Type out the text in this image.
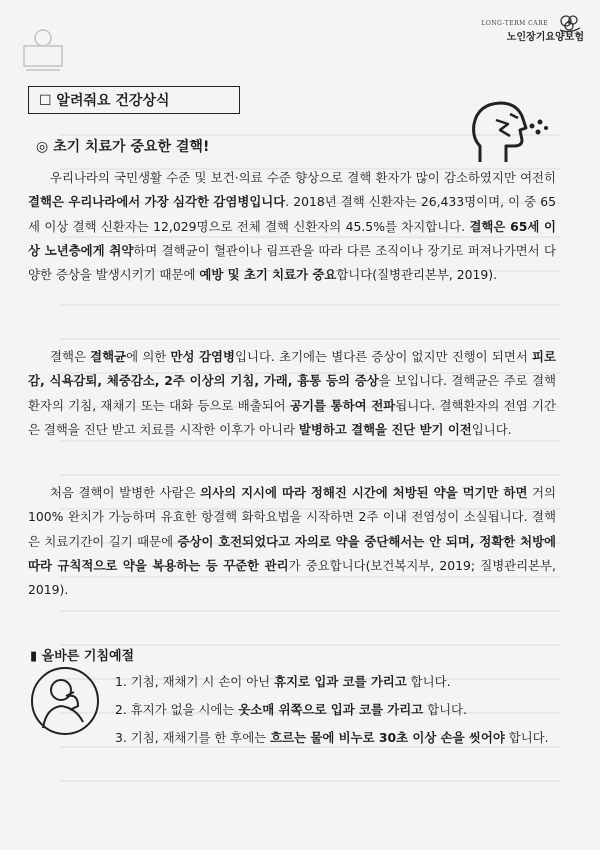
LONG-TERM CARE
노인장기요양보험
☐ 알려줘요 건강상식
◎ 초기 치료가 중요한 결핵!
우리나라의 국민생활 수준 및 보건·의료 수준 향상으로 결핵 환자가 많이 감소하였지만 여전히 결핵은 우리나라에서 가장 심각한 감염병입니다. 2018년 결핵 신환자는 26,433명이며, 이 중 65세 이상 결핵 신환자는 12,029명으로 전체 결핵 신환자의 45.5%를 차지합니다. 결핵은 65세 이상 노년층에게 취약하며 결핵균이 혈관이나 림프관을 따라 다른 조직이나 장기로 퍼져나가면서 다양한 증상을 발생시키기 때문에 예방 및 초기 치료가 중요합니다(질병관리본부, 2019).
결핵은 결핵균에 의한 만성 감염병입니다. 초기에는 별다른 증상이 없지만 진행이 되면서 피로감, 식욕감퇴, 체중감소, 2주 이상의 기침, 가래, 흉통 등의 증상을 보입니다. 결핵균은 주로 결핵환자의 기침, 재채기 또는 대화 등으로 배출되어 공기를 통하여 전파됩니다. 결핵환자의 전염 기간은 결핵을 진단 받고 치료를 시작한 이후가 아니라 발병하고 결핵을 진단 받기 이전입니다.
처음 결핵이 발병한 사람은 의사의 지시에 따라 정해진 시간에 처방된 약을 먹기만 하면 거의 100% 완치가 가능하며 유효한 항결핵 화학요법을 시작하면 2주 이내 전염성이 소실됩니다. 결핵은 치료기간이 길기 때문에 증상이 호전되었다고 자의로 약을 중단해서는 안 되며, 정확한 처방에 따라 규칙적으로 약을 복용하는 등 꾸준한 관리가 중요합니다(보건복지부, 2019; 질병관리본부, 2019).
▮ 올바른 기침예절
1. 기침, 재채기 시 손이 아닌 휴지로 입과 코를 가리고 합니다.
2. 휴지가 없을 시에는 옷소매 위쪽으로 입과 코를 가리고 합니다.
3. 기침, 재채기를 한 후에는 흐르는 물에 비누로 30초 이상 손을 씻어야 합니다.
